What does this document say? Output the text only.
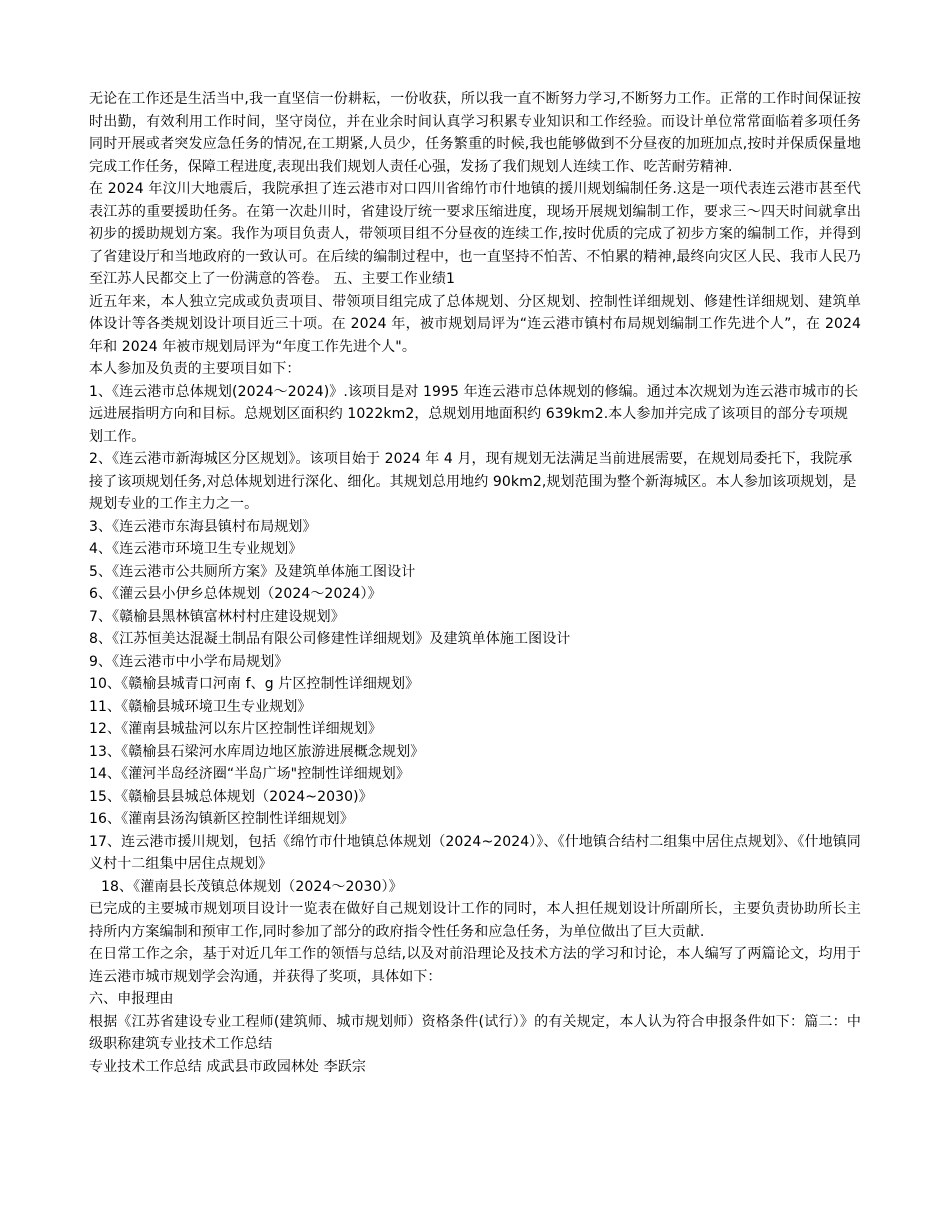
无论在工作还是生活当中,我一直坚信一份耕耘，一份收获，所以我一直不断努力学习,不断努力工作。正常的工作时间保证按时出勤，有效利用工作时间，坚守岗位，并在业余时间认真学习积累专业知识和工作经验。而设计单位常常面临着多项任务同时开展或者突发应急任务的情况,在工期紧,人员少，任务繁重的时候,我也能够做到不分昼夜的加班加点,按时并保质保量地完成工作任务，保障工程进度,表现出我们规划人责任心强，发扬了我们规划人连续工作、吃苦耐劳精神.

在 2024 年汶川大地震后，我院承担了连云港市对口四川省绵竹市什地镇的援川规划编制任务.这是一项代表连云港市甚至代表江苏的重要援助任务。在第一次赴川时，省建设厅统一要求压缩进度，现场开展规划编制工作，要求三～四天时间就拿出初步的援助规划方案。我作为项目负责人，带领项目组不分昼夜的连续工作,按时优质的完成了初步方案的编制工作，并得到了省建设厅和当地政府的一致认可。在后续的编制过程中，也一直坚持不怕苦、不怕累的精神,最终向灾区人民、我市人民乃至江苏人民都交上了一份满意的答卷。 五、主要工作业绩1

近五年来，本人独立完成或负责项目、带领项目组完成了总体规划、分区规划、控制性详细规划、修建性详细规划、建筑单体设计等各类规划设计项目近三十项。在 2024 年，被市规划局评为“连云港市镇村布局规划编制工作先进个人”，在 2024 年和 2024 年被市规划局评为“年度工作先进个人"。

本人参加及负责的主要项目如下：

1、《连云港市总体规划(2024～2024)》.该项目是对 1995 年连云港市总体规划的修编。通过本次规划为连云港市城市的长远进展指明方向和目标。总规划区面积约 1022km2，总规划用地面积约 639km2.本人参加并完成了该项目的部分专项规划工作。

2、《连云港市新海城区分区规划》。该项目始于 2024 年 4 月，现有规划无法满足当前进展需要，在规划局委托下，我院承接了该项规划任务,对总体规划进行深化、细化。其规划总用地约 90km2,规划范围为整个新海城区。本人参加该项规划，是规划专业的工作主力之一。

3、《连云港市东海县镇村布局规划》

4、《连云港市环境卫生专业规划》

5、《连云港市公共厕所方案》及建筑单体施工图设计

6、《灌云县小伊乡总体规划（2024～2024）》

7、《赣榆县黑林镇富林村村庄建设规划》

8、《江苏恒美达混凝土制品有限公司修建性详细规划》及建筑单体施工图设计

9、《连云港市中小学布局规划》

10、《赣榆县城青口河南 f、g 片区控制性详细规划》

11、《赣榆县城环境卫生专业规划》

12、《灌南县城盐河以东片区控制性详细规划》

13、《赣榆县石梁河水库周边地区旅游进展概念规划》

14、《灌河半岛经济圈“半岛广场"控制性详细规划》

15、《赣榆县县城总体规划（2024~2030)》

16、《灌南县汤沟镇新区控制性详细规划》

17、连云港市援川规划，包括《绵竹市什地镇总体规划（2024~2024）》、《什地镇合结村二组集中居住点规划》、《什地镇同义村十二组集中居住点规划》

18、《灌南县长茂镇总体规划（2024～2030）》

已完成的主要城市规划项目设计一览表在做好自己规划设计工作的同时，本人担任规划设计所副所长，主要负责协助所长主持所内方案编制和预审工作,同时参加了部分的政府指令性任务和应急任务，为单位做出了巨大贡献.

在日常工作之余，基于对近几年工作的领悟与总结,以及对前沿理论及技术方法的学习和讨论，本人编写了两篇论文，均用于连云港市城市规划学会沟通，并获得了奖项，具体如下：

六、申报理由

根据《江苏省建设专业工程师(建筑师、城市规划师）资格条件(试行）》的有关规定，本人认为符合申报条件如下：篇二：中级职称建筑专业技术工作总结

专业技术工作总结 成武县市政园林处 李跃宗
